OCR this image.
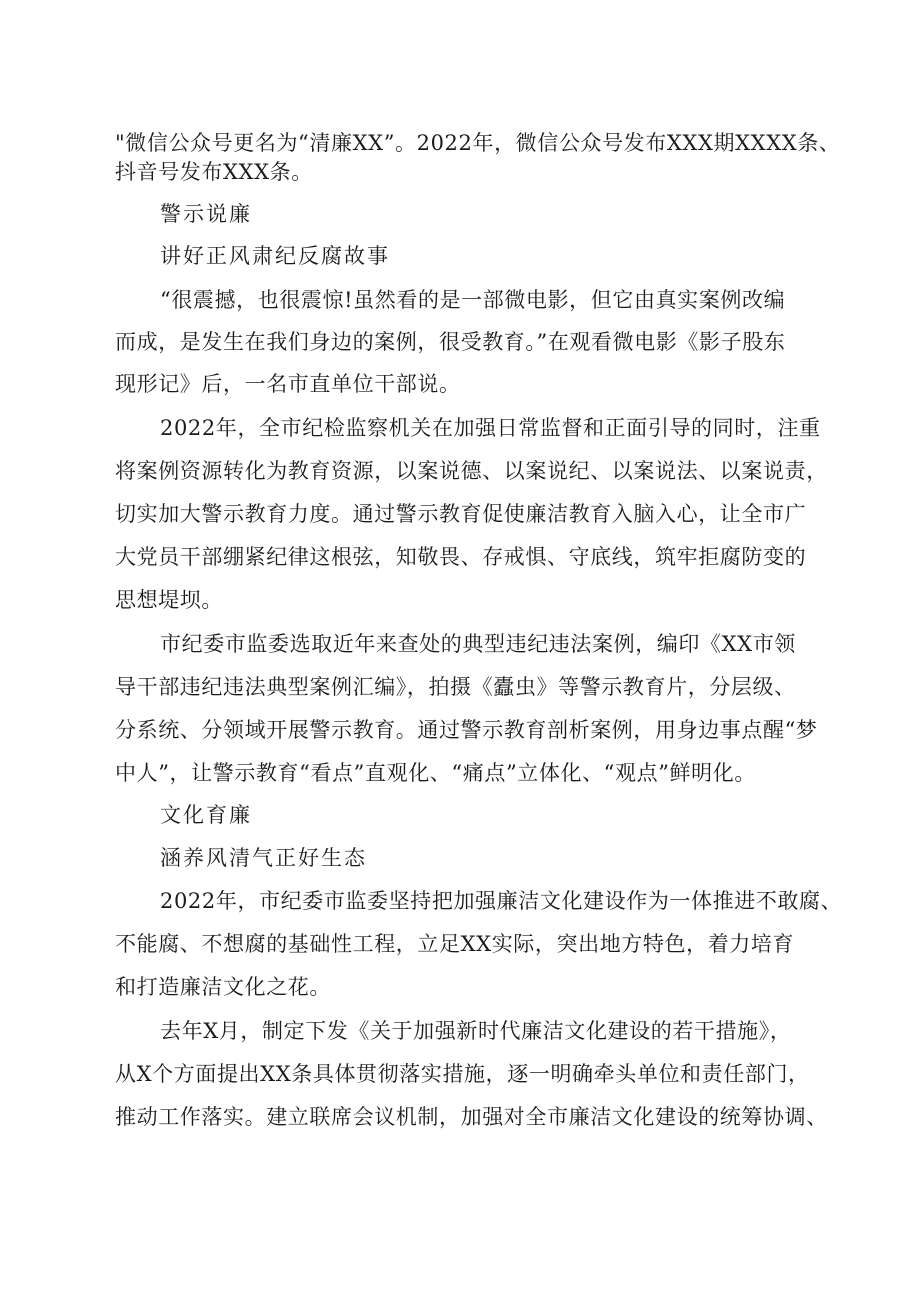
"微信公众号更名为“清廉XX”。2022年，微信公众号发布XXX期XXXX条、
抖音号发布XXX条。
警示说廉
讲好正风肃纪反腐故事
“很震撼，也很震惊!虽然看的是一部微电影，但它由真实案例改编
而成，是发生在我们身边的案例，很受教育。”在观看微电影《影子股东
现形记》后，一名市直单位干部说。
2022年，全市纪检监察机关在加强日常监督和正面引导的同时，注重
将案例资源转化为教育资源，以案说德、以案说纪、以案说法、以案说责，
切实加大警示教育力度。通过警示教育促使廉洁教育入脑入心，让全市广
大党员干部绷紧纪律这根弦，知敬畏、存戒惧、守底线，筑牢拒腐防变的
思想堤坝。
市纪委市监委选取近年来查处的典型违纪违法案例，编印《XX市领
导干部违纪违法典型案例汇编》，拍摄《蠹虫》等警示教育片，分层级、
分系统、分领域开展警示教育。通过警示教育剖析案例，用身边事点醒“梦
中人”，让警示教育“看点”直观化、“痛点”立体化、“观点”鲜明化。
文化育廉
涵养风清气正好生态
2022年，市纪委市监委坚持把加强廉洁文化建设作为一体推进不敢腐、
不能腐、不想腐的基础性工程，立足XX实际，突出地方特色，着力培育
和打造廉洁文化之花。
去年X月，制定下发《关于加强新时代廉洁文化建设的若干措施》，
从X个方面提出XX条具体贯彻落实措施，逐一明确牵头单位和责任部门，
推动工作落实。建立联席会议机制，加强对全市廉洁文化建设的统筹协调、
